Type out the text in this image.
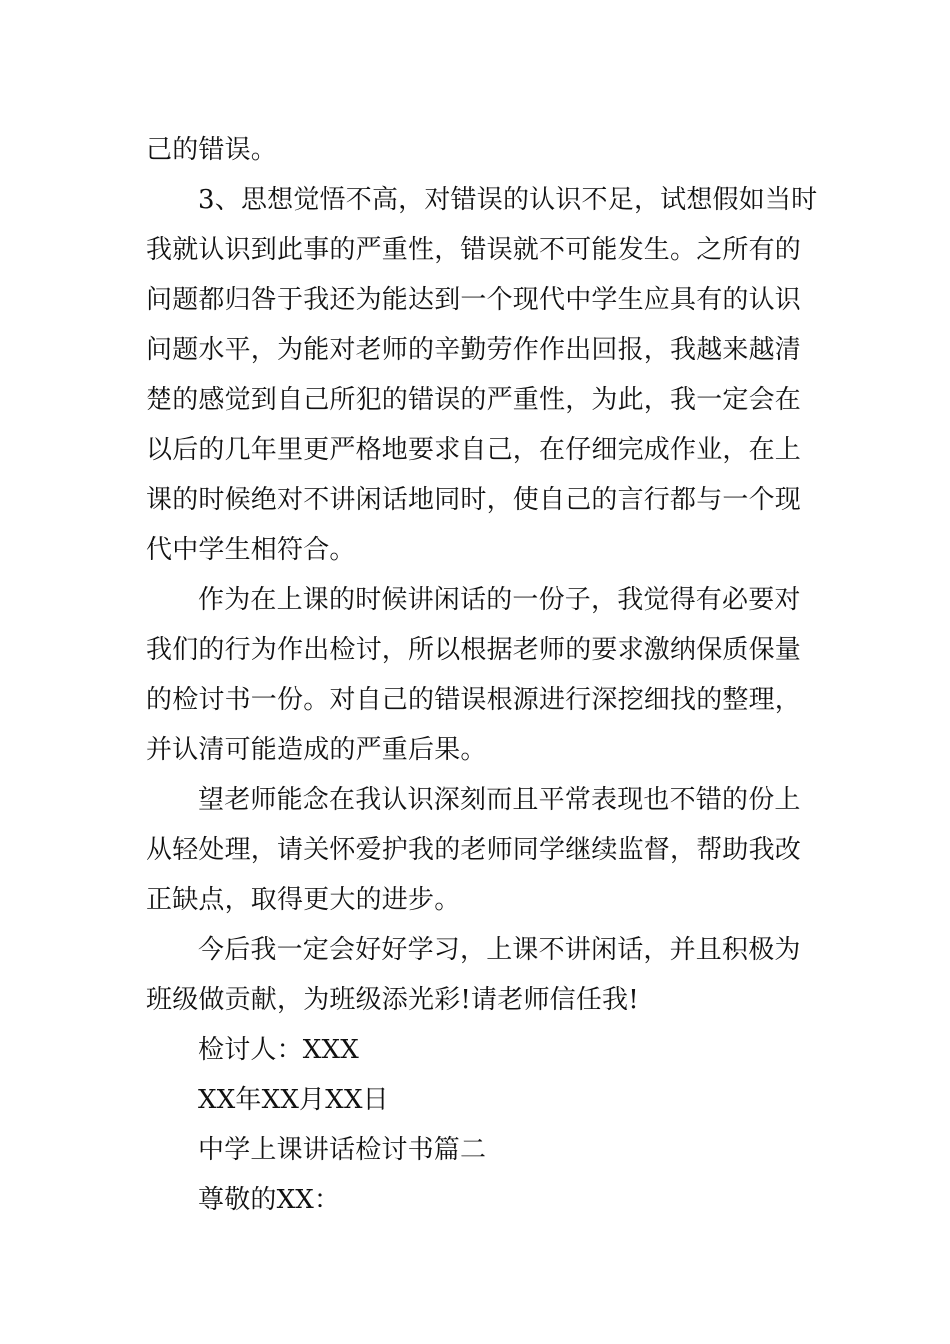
己的错误。
3、思想觉悟不高，对错误的认识不足，试想假如当时
我就认识到此事的严重性，错误就不可能发生。之所有的
问题都归咎于我还为能达到一个现代中学生应具有的认识
问题水平，为能对老师的辛勤劳作作出回报，我越来越清
楚的感觉到自己所犯的错误的严重性，为此，我一定会在
以后的几年里更严格地要求自己，在仔细完成作业，在上
课的时候绝对不讲闲话地同时，使自己的言行都与一个现
代中学生相符合。
作为在上课的时候讲闲话的一份子，我觉得有必要对
我们的行为作出检讨，所以根据老师的要求激纳保质保量
的检讨书一份。对自己的错误根源进行深挖细找的整理，
并认清可能造成的严重后果。
望老师能念在我认识深刻而且平常表现也不错的份上
从轻处理，请关怀爱护我的老师同学继续监督，帮助我改
正缺点，取得更大的进步。
今后我一定会好好学习，上课不讲闲话，并且积极为
班级做贡献，为班级添光彩!请老师信任我!
检讨人：XXX
XX年XX月XX日
中学上课讲话检讨书篇二
尊敬的XX：
